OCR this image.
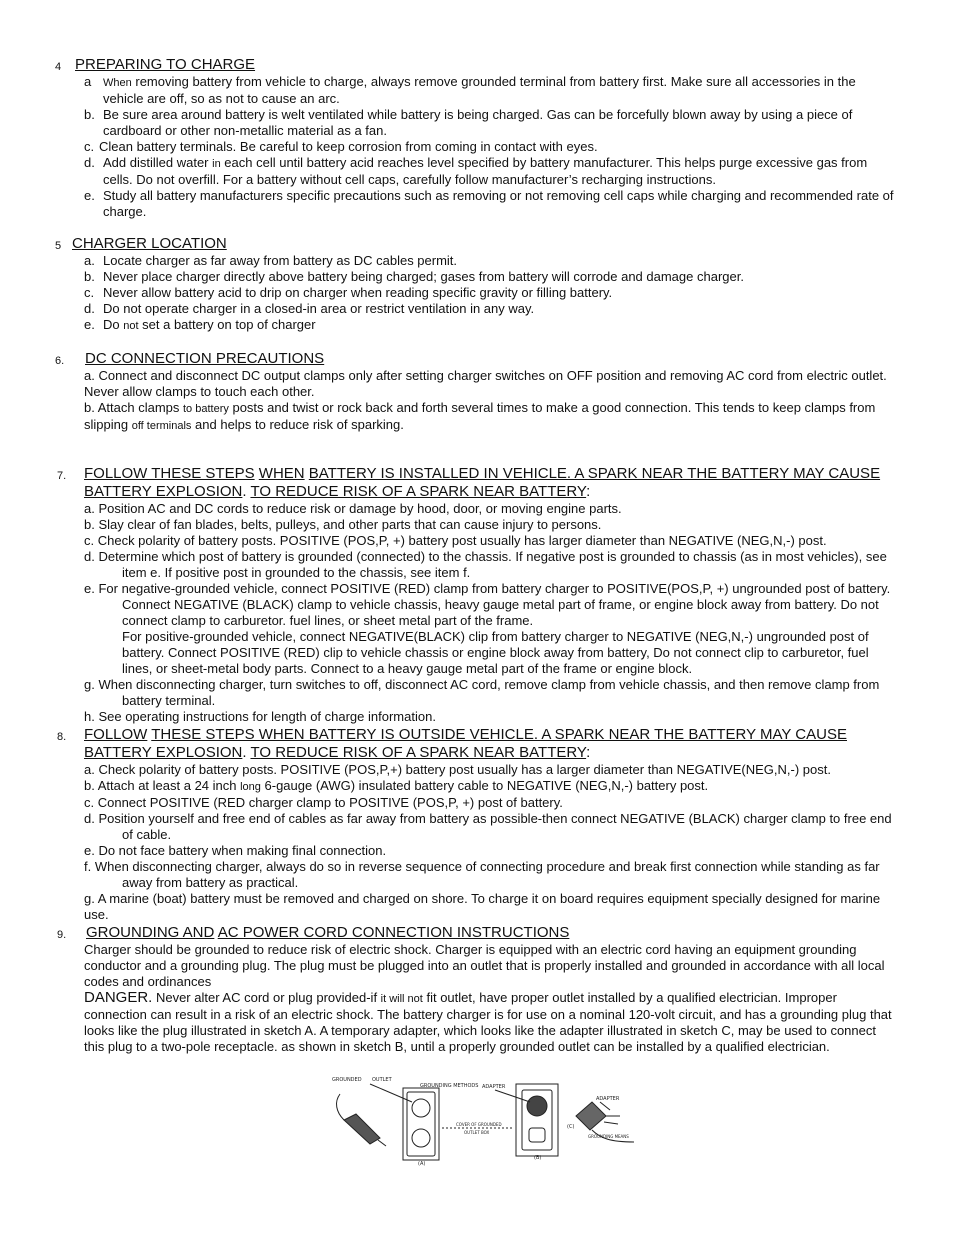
4 PREPARING TO CHARGE
a When removing battery from vehicle to charge, always remove grounded terminal from battery first. Make sure all accessories in the vehicle are off, so as not to cause an arc.
b. Be sure area around battery is welt ventilated while battery is being charged. Gas can be forcefully blown away by using a piece of cardboard or other non-metallic material as a fan.
c. Clean battery terminals. Be careful to keep corrosion from coming in contact with eyes.
d. Add distilled water in each cell until battery acid reaches level specified by battery manufacturer. This helps purge excessive gas from cells. Do not overfill. For a battery without cell caps, carefully follow manufacturer’s recharging instructions.
e. Study all battery manufacturers specific precautions such as removing or not removing cell caps while charging and recommended rate of charge.
5 CHARGER LOCATION
a. Locate charger as far away from battery as DC cables permit.
b. Never place charger directly above battery being charged; gases from battery will corrode and damage charger.
c. Never allow battery acid to drip on charger when reading specific gravity or filling battery.
d. Do not operate charger in a closed-in area or restrict ventilation in any way.
e. Do not set a battery on top of charger
6. DC CONNECTION PRECAUTIONS
a. Connect and disconnect DC output clamps only after setting charger switches on OFF position and removing AC cord from electric outlet.
Never allow clamps to touch each other.
b. Attach clamps to battery posts and twist or rock back and forth several times to make a good connection. This tends to keep clamps from slipping off terminals and helps to reduce risk of sparking.
7. FOLLOW THESE STEPS WHEN BATTERY IS INSTALLED IN VEHICLE. A SPARK NEAR THE BATTERY MAY CAUSE BATTERY EXPLOSION. TO REDUCE RISK OF A SPARK NEAR BATTERY:
a. Position AC and DC cords to reduce risk or damage by hood, door, or moving engine parts.
b. Slay clear of fan blades, belts, pulleys, and other parts that can cause injury to persons.
c. Check polarity of battery posts. POSITIVE (POS,P, +) battery post usually has larger diameter than NEGATIVE (NEG,N,-) post.
d. Determine which post of battery is grounded (connected) to the chassis. If negative post is grounded to chassis (as in most vehicles), see item e. If positive post in grounded to the chassis, see item f.
e. For negative-grounded vehicle, connect POSITIVE (RED) clamp from battery charger to POSITIVE(POS,P, +) ungrounded post of battery. Connect NEGATIVE (BLACK) clamp to vehicle chassis, heavy gauge metal part of frame, or engine block away from battery. Do not connect clamp to carburetor. fuel lines, or sheet metal part of the frame.
For positive-grounded vehicle, connect NEGATIVE(BLACK) clip from battery charger to NEGATIVE (NEG,N,-) ungrounded post of battery. Connect POSITIVE (RED) clip to vehicle chassis or engine block away from battery, Do not connect clip to carburetor, fuel lines, or sheet-metal body parts. Connect to a heavy gauge metal part of the frame or engine block.
g. When disconnecting charger, turn switches to off, disconnect AC cord, remove clamp from vehicle chassis, and then remove clamp from battery terminal.
h. See operating instructions for length of charge information.
8. FOLLOW THESE STEPS WHEN BATTERY IS OUTSIDE VEHICLE. A SPARK NEAR THE BATTERY MAY CAUSE BATTERY EXPLOSION. TO REDUCE RISK OF A SPARK NEAR BATTERY:
a. Check polarity of battery posts. POSITIVE (POS,P,+) battery post usually has a larger diameter than NEGATIVE(NEG,N,-) post.
b. Attach at least a 24 inch long 6-gauge (AWG) insulated battery cable to NEGATIVE (NEG,N,-) battery post.
c. Connect POSITIVE (RED charger clamp to POSITIVE (POS,P, +) post of battery.
d. Position yourself and free end of cables as far away from battery as possible-then connect NEGATIVE (BLACK) charger clamp to free end of cable.
e. Do not face battery when making final connection.
f. When disconnecting charger, always do so in reverse sequence of connecting procedure and break first connection while standing as far away from battery as practical.
g. A marine (boat) battery must be removed and charged on shore. To charge it on board requires equipment specially designed for marine use.
9. GROUNDING AND AC POWER CORD CONNECTION INSTRUCTIONS
Charger should be grounded to reduce risk of electric shock. Charger is equipped with an electric cord having an equipment grounding conductor and a grounding plug. The plug must be plugged into an outlet that is properly installed and grounded in accordance with all local codes and ordinances
DANGER. Never alter AC cord or plug provided-if it will not fit outlet, have proper outlet installed by a qualified electrician. Improper connection can result in a risk of an electric shock. The battery charger is for use on a nominal 120-volt circuit, and has a grounding plug that looks like the plug illustrated in sketch A. A temporary adapter, which looks like the adapter illustrated in sketch C, may be used to connect this plug to a two-pole receptacle. as shown in sketch B, until a properly grounded outlet can be installed by a qualified electrician.
GROUNDED OUTLET
GROUNDING METHODS ADAPTER
ADAPTER
COVER OF GROUNDED
OUTLET BOX
GROUNDING MEANS
(A)
(B)
(C)
